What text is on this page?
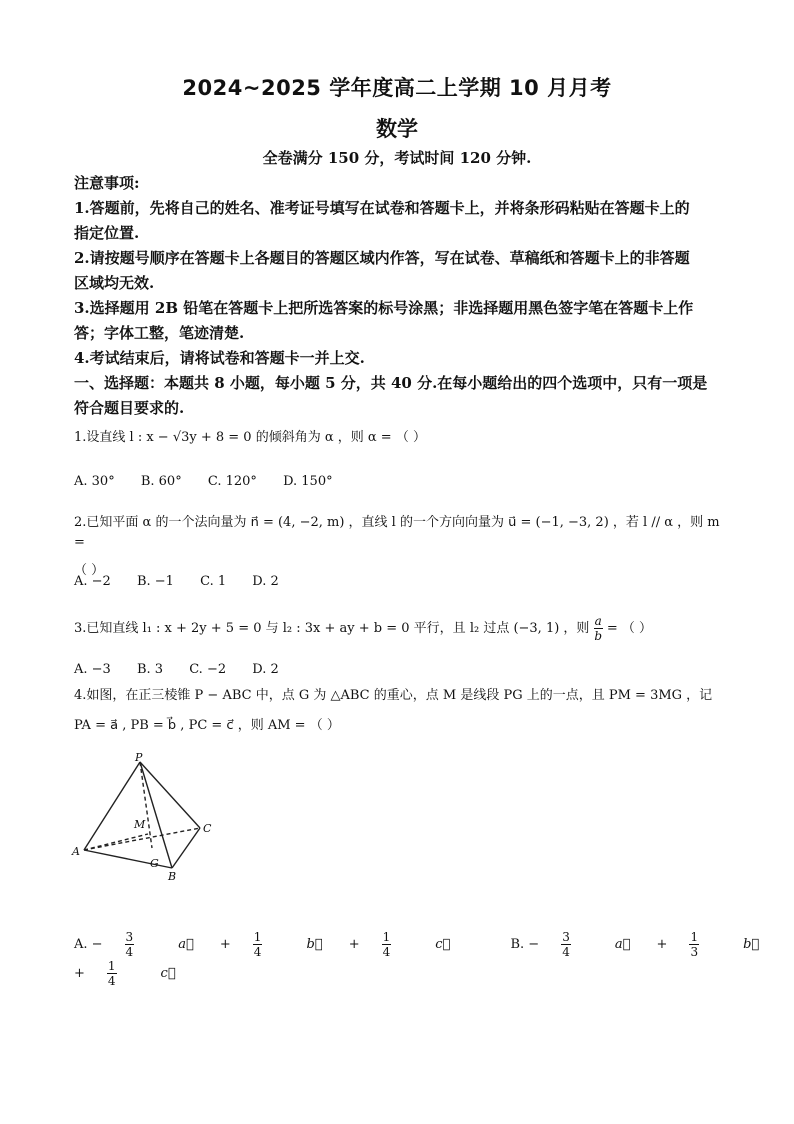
2024~2025 学年度高二上学期 10 月月考
数学
全卷满分 150 分，考试时间 120 分钟.
注意事项:
1.答题前，先将自己的姓名、准考证号填写在试卷和答题卡上，并将条形码粘贴在答题卡上的
指定位置.
2.请按题号顺序在答题卡上各题目的答题区域内作答，写在试卷、草稿纸和答题卡上的非答题
区域均无效.
3.选择题用 2B 铅笔在答题卡上把所选答案的标号涂黑；非选择题用黑色签字笔在答题卡上作
答；字体工整，笔迹清楚.
4.考试结束后，请将试卷和答题卡一并上交.
一、选择题：本题共 8 小题，每小题 5 分，共 40 分.在每小题给出的四个选项中，只有一项是
符合题目要求的.
1.设直线 l : x − √3y + 8 = 0 的倾斜角为 α ，则 α = （ ）
A. 30° B. 60° C. 120° D. 150°
2.已知平面 α 的一个法向量为 n⃗ = (4, −2, m) ，直线 l 的一个方向向量为 u⃗ = (−1, −3, 2) ，若 l // α ，则 m =
（ ）
A. −2 B. −1 C. 1 D. 2
3.已知直线 l₁ : x + 2y + 5 = 0 与 l₂ : 3x + ay + b = 0 平行，且 l₂ 过点 (−3, 1) ，则 $\frac{a}{b}$ = （ ）
A. −3 B. 3 C. −2 D. 2
4.如图，在正三棱锥 P − ABC 中，点 G 为 △ABC 的重心，点 M 是线段 PG 上的一点，且 PM = 3MG ，记
PA = a⃗ , PB = b⃗ , PC = c⃗ ，则 AM = （ ）
P
A
B
C
M
G
A. − $\frac{3}{4}$ a⃗ + $\frac{1}{4}$ b⃗ + $\frac{1}{4}$ c⃗	B. − $\frac{3}{4}$ a⃗ + $\frac{1}{3}$ b⃗ + $\frac{1}{4}$ c⃗
